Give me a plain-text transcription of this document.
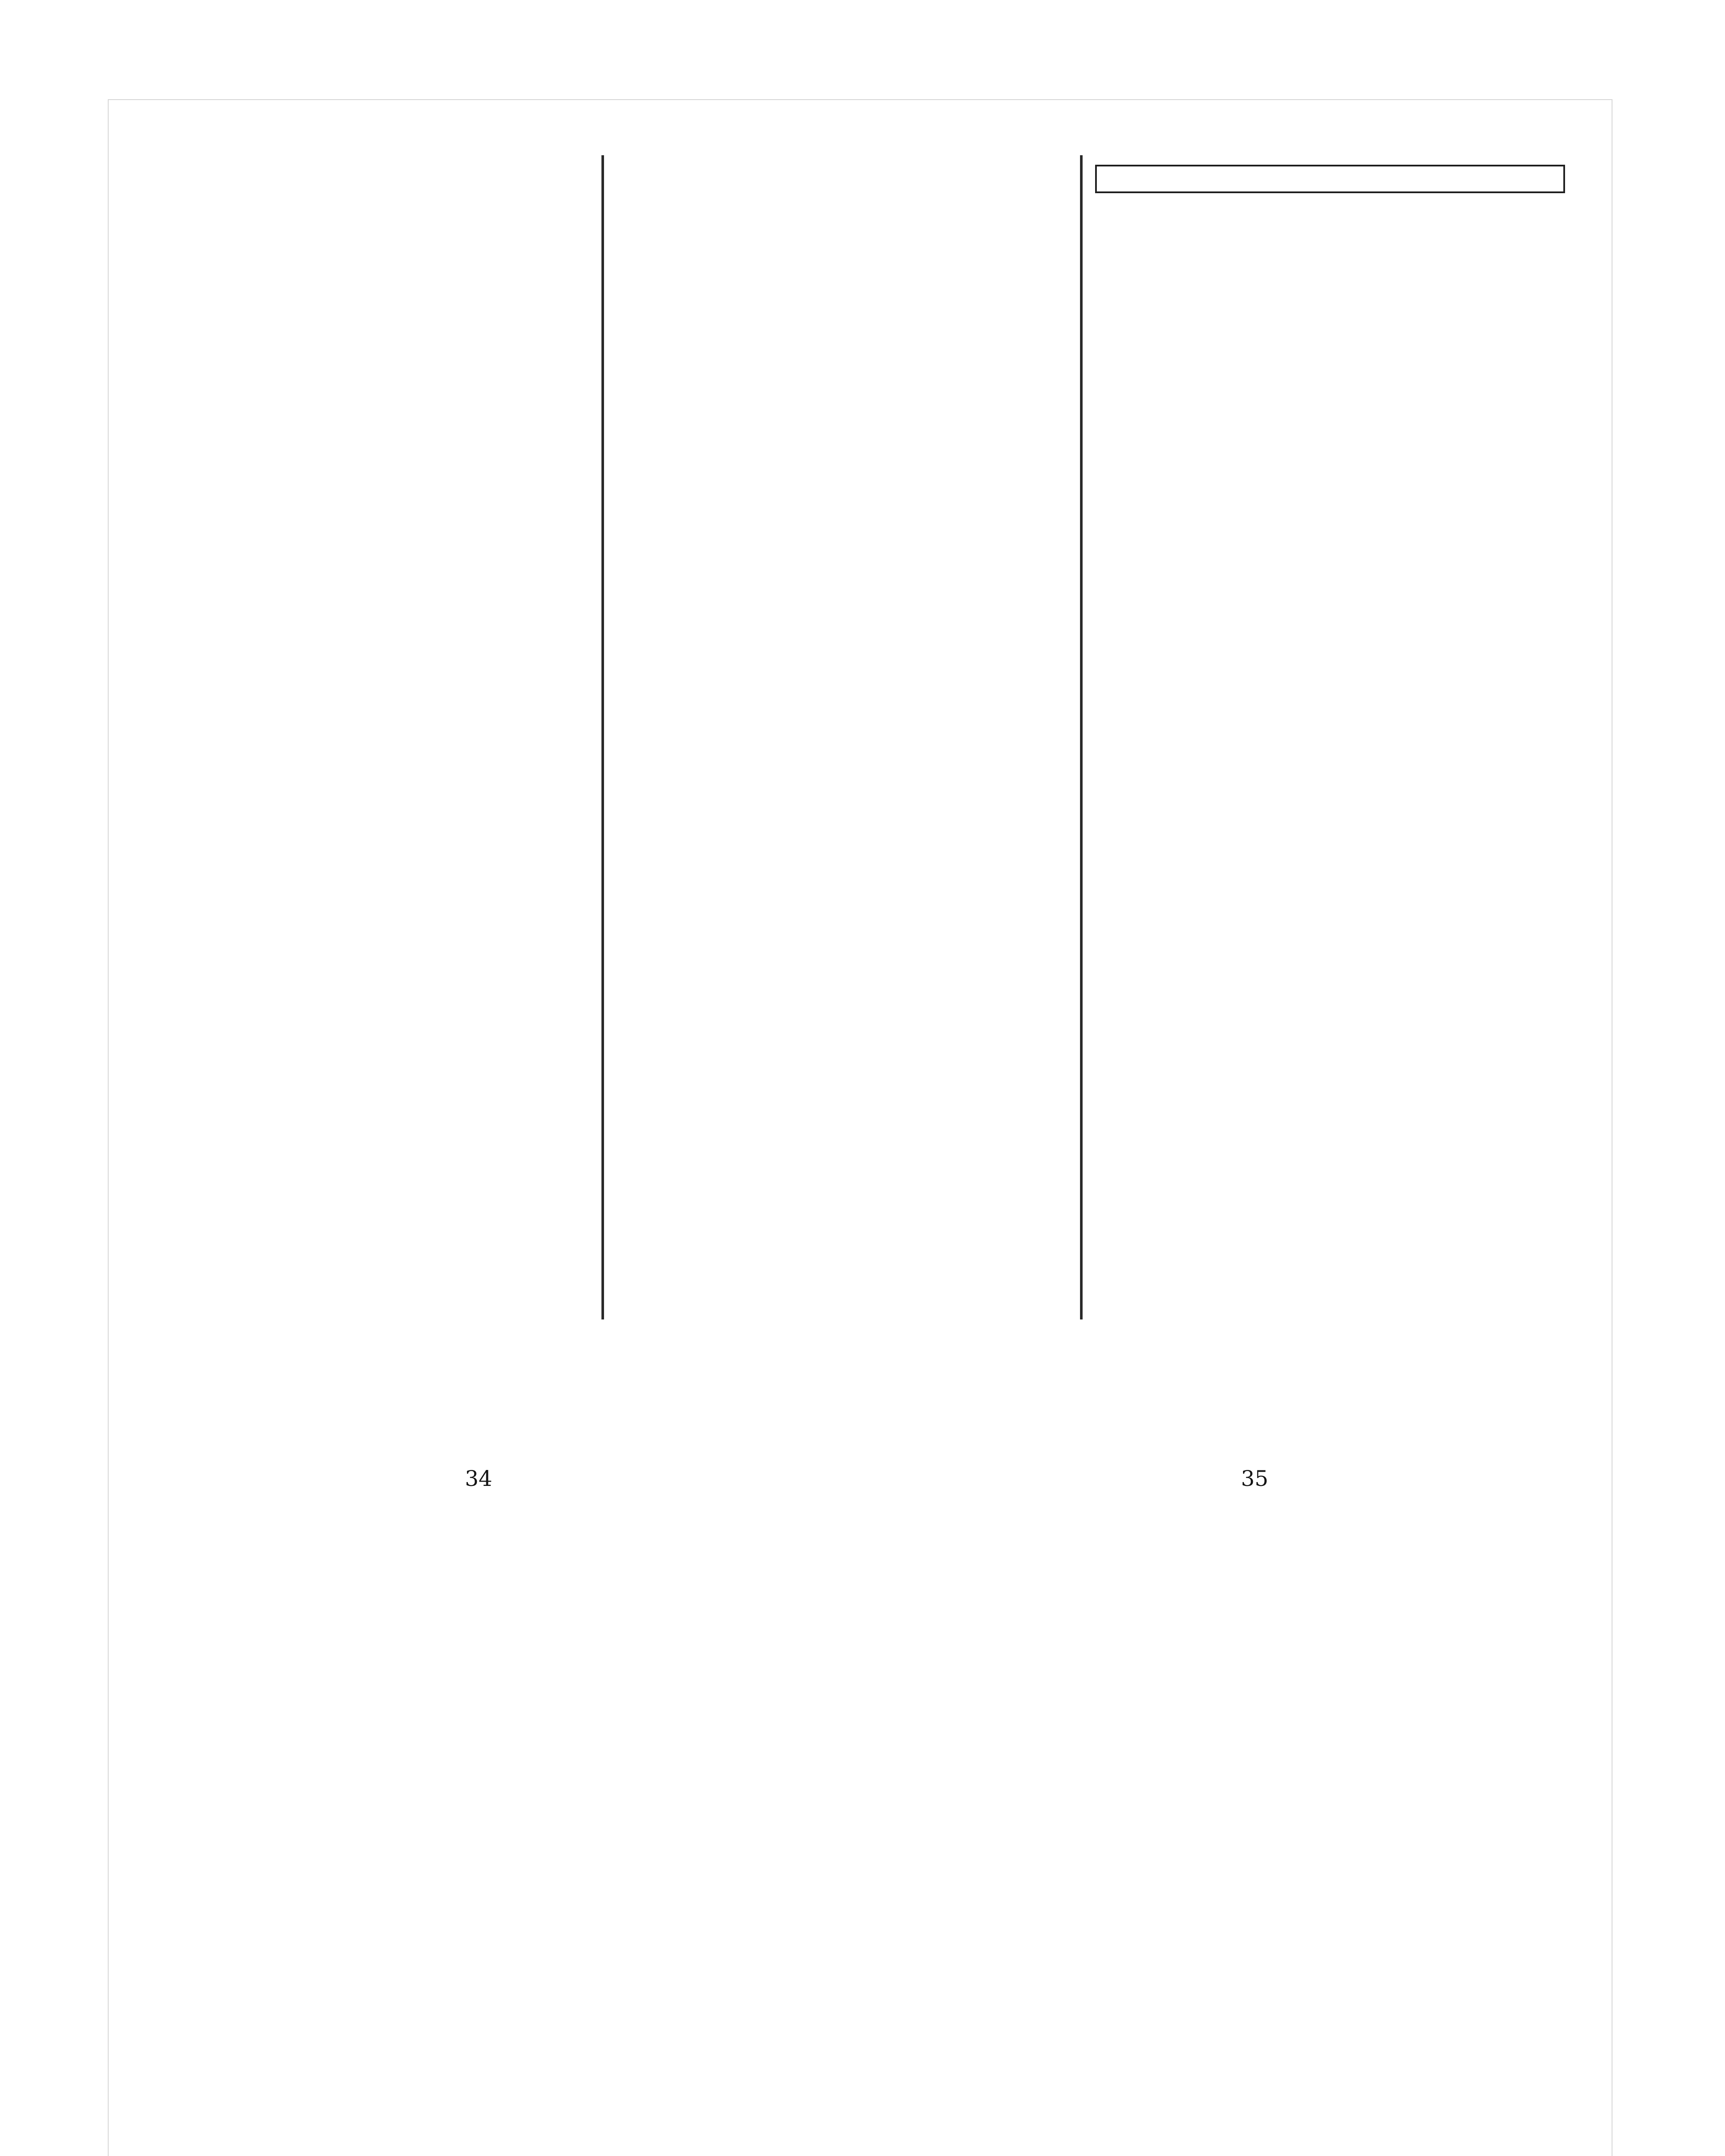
34	35
